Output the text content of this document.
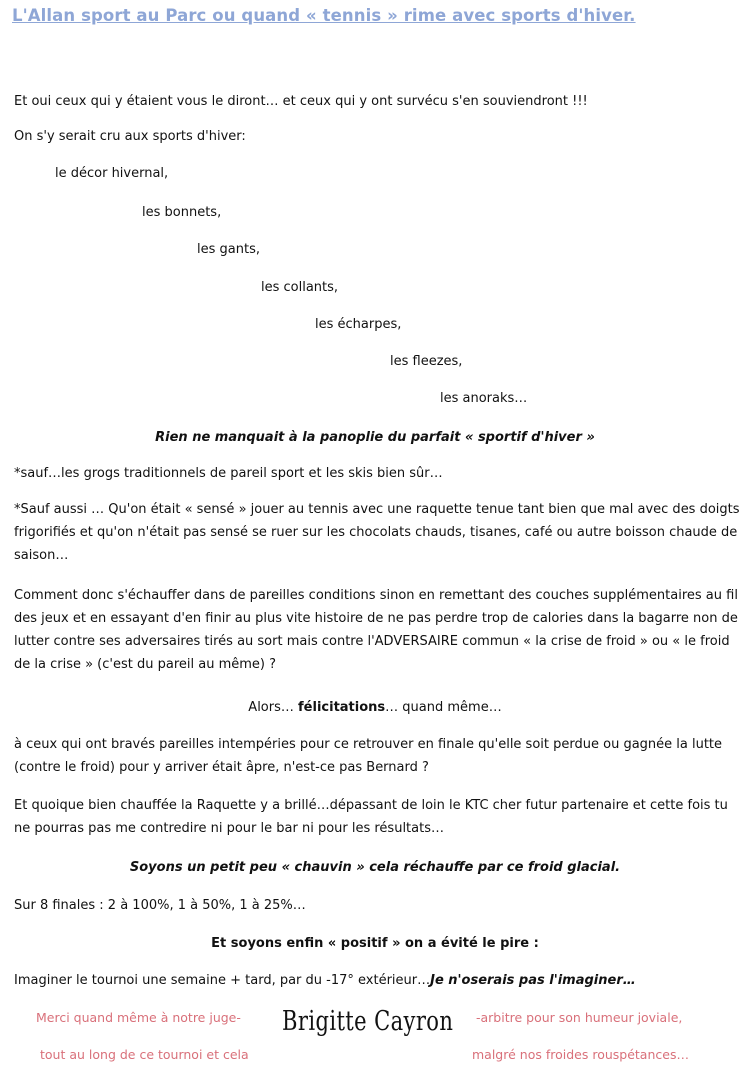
L'Allan sport au Parc ou quand « tennis » rime avec sports d'hiver.
Et oui ceux qui y étaient vous le diront… et ceux qui y ont survécu s'en souviendront !!!
On s'y serait cru aux sports d'hiver:
le décor hivernal,
les bonnets,
les gants,
les collants,
les écharpes,
les fleezes,
les anoraks…
Rien ne manquait à la panoplie du parfait « sportif d'hiver »
*sauf…les grogs traditionnels de pareil sport et les skis bien sûr…
*Sauf aussi … Qu'on était « sensé » jouer au tennis avec une raquette tenue tant bien que mal avec des doigts frigorifiés et qu'on n'était pas sensé se ruer sur les chocolats chauds, tisanes, café ou autre boisson chaude de saison…
Comment donc s'échauffer dans de pareilles conditions sinon en remettant des couches supplémentaires au fil des jeux et en essayant d'en finir au plus vite histoire de ne pas perdre trop de calories dans la bagarre non de lutter contre ses adversaires tirés au sort mais contre l'ADVERSAIRE commun « la crise de froid » ou « le froid de la crise » (c'est du pareil au même) ?
Alors… félicitations… quand même…
à ceux qui ont bravés pareilles intempéries pour ce retrouver en finale qu'elle soit perdue ou gagnée la lutte (contre le froid) pour y arriver était âpre, n'est-ce pas Bernard ?
Et quoique bien chauffée la Raquette y a brillé…dépassant de loin le KTC cher futur partenaire et cette fois tu ne pourras pas me contredire ni pour le bar ni pour les résultats…
Soyons un petit peu « chauvin » cela réchauffe par ce froid glacial.
Sur 8 finales : 2 à 100%, 1 à 50%, 1 à 25%…
Et soyons enfin « positif » on a évité le pire :
Imaginer le tournoi une semaine + tard, par du -17° extérieur…Je n'oserais pas l'imaginer…
Merci quand même à notre juge-
tout au long de ce tournoi et cela
Brigitte Cayron -arbitre pour son humeur joviale,
malgré nos froides rouspétances…
